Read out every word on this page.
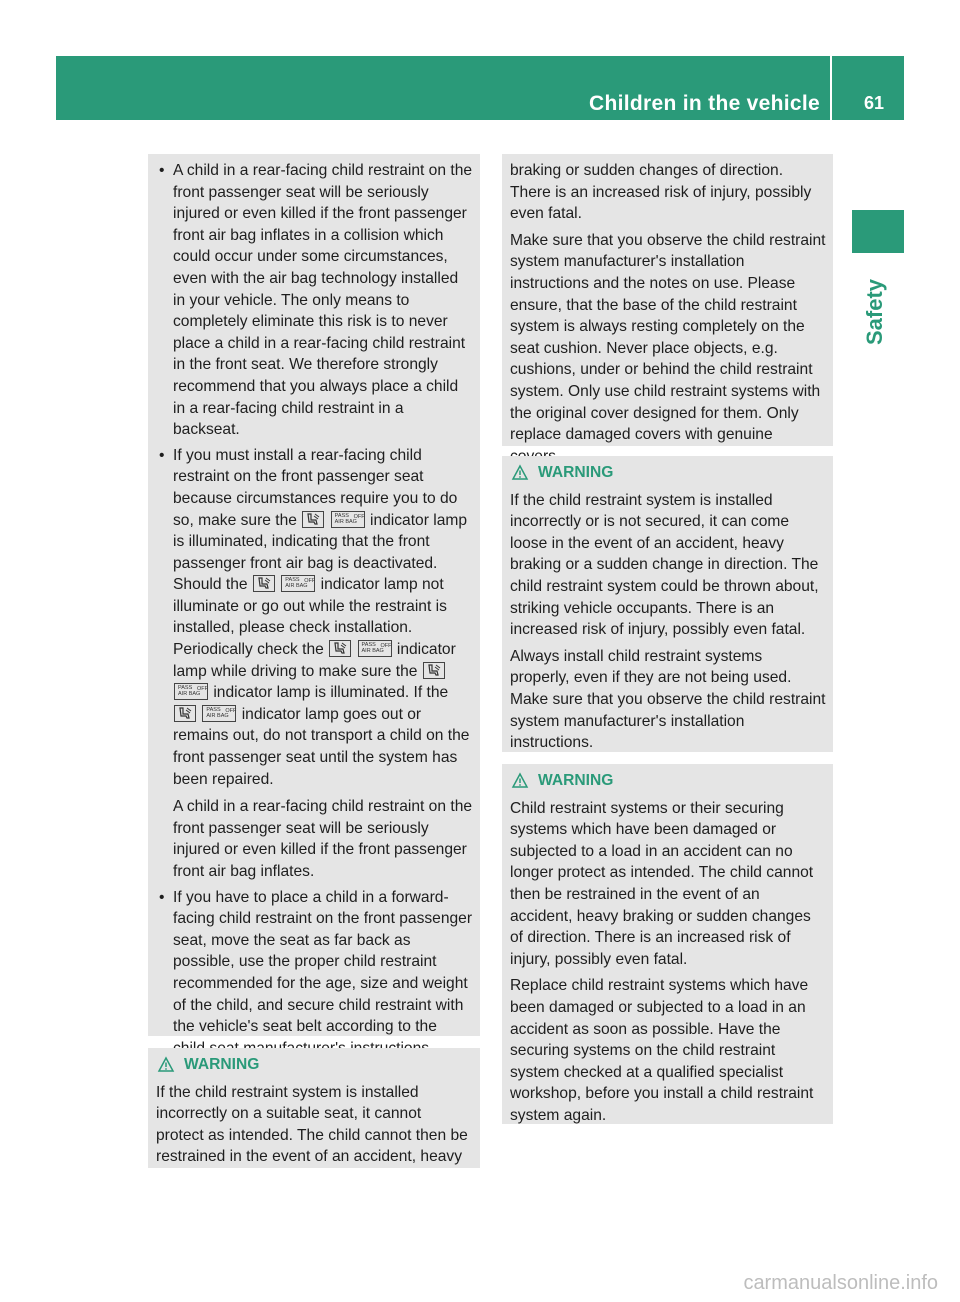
Children in the vehicle 61
Safety
• A child in a rear-facing child restraint on the front passenger seat will be seriously injured or even killed if the front passenger front air bag inflates in a collision which could occur under some circumstances, even with the air bag technology installed in your vehicle. The only means to completely eliminate this risk is to never place a child in a rear-facing child restraint in the front seat. We therefore strongly recommend that you always place a child in a rear-facing child restraint in a backseat.
• If you must install a rear-facing child restraint on the front passenger seat because circumstances require you to do so, make sure the
	PASS
AIR BAG
OFF indicator lamp is illuminated, indicating that the front passenger front air bag is deactivated. Should the
	PASS
AIR BAG
OFF indicator lamp not illuminate or go out while the restraint is installed, please check installation. Periodically check the
	PASS
AIR BAG
OFF indicator lamp while driving to make sure the

PASS
AIR BAG
OFF indicator lamp is illuminated. If the

PASS
AIR BAG
OFF indicator lamp goes out or remains out, do not transport a child on the front passenger seat until the system has been repaired.
A child in a rear-facing child restraint on the front passenger seat will be seriously injured or even killed if the front passenger front air bag inflates.
• If you have to place a child in a forward-facing child restraint on the front passenger seat, move the seat as far back as possible, use the proper child restraint recommended for the age, size and weight of the child, and secure child restraint with the vehicle's seat belt according to the
WARNING

If the child restraint system is installed incorrectly on a suitable seat, it cannot protect as intended. The child cannot then be restrained in the event of an accident, heavy

braking or sudden changes of direction. There is an increased risk of injury, possibly even fatal.

Make sure that you observe the child restraint system manufacturer's installation instructions and the notes on use. Please ensure, that the base of the child restraint system is always resting completely on the seat cushion. Never place objects, e.g. cushions, under or behind the child restraint system. Only use child restraint systems with the original cover designed for them. Only replace damaged covers with genuine

WARNING

If the child restraint system is installed incorrectly or is not secured, it can come loose in the event of an accident, heavy braking or a sudden change in direction. The child restraint system could be thrown about, striking vehicle occupants. There is an increased risk of injury, possibly even fatal.

Always install child restraint systems properly, even if they are not being used. Make sure that you observe the child restraint system manufacturer's installation instructions.

WARNING

Child restraint systems or their securing systems which have been damaged or subjected to a load in an accident can no longer protect as intended. The child cannot then be restrained in the event of an accident, heavy braking or sudden changes of direction. There is an increased risk of injury, possibly even fatal.

Replace child restraint systems which have been damaged or subjected to a load in an accident as soon as possible. Have the securing systems on the child restraint system checked at a qualified specialist workshop, before you install a child restraint system again.

carmanualsonline.info
